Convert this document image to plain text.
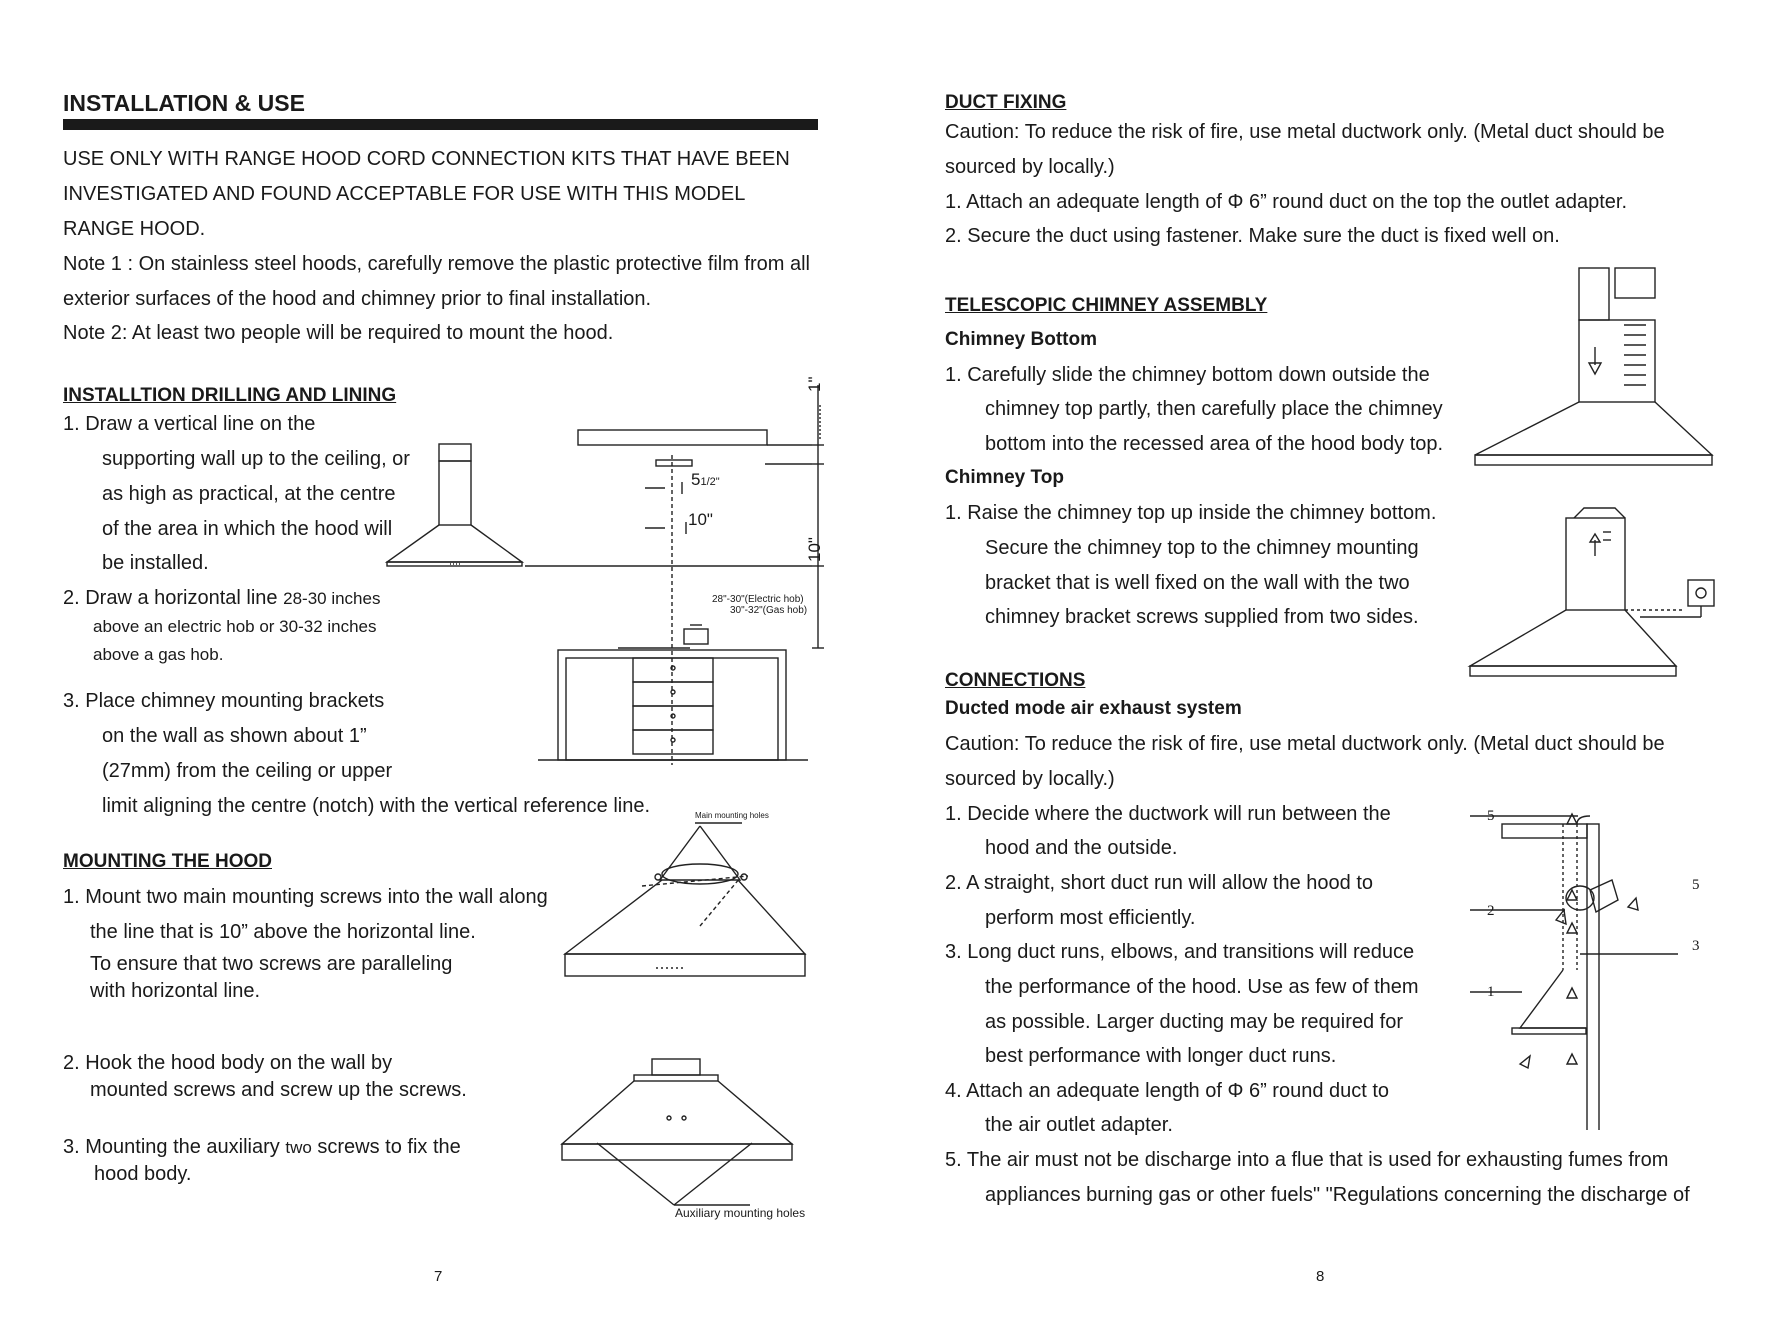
INSTALLATION & USE
USE ONLY WITH RANGE HOOD CORD CONNECTION KITS THAT HAVE BEEN
INVESTIGATED AND FOUND ACCEPTABLE FOR USE WITH THIS MODEL
RANGE HOOD.
Note 1 : On stainless steel hoods, carefully remove the plastic protective film from all
exterior surfaces of the hood and chimney prior to final installation.
Note 2: At least two people will be required to mount the hood.
INSTALLTION DRILLING AND LINING
1. Draw a vertical line on the
supporting wall up to the ceiling, or
as high as practical, at the centre
of the area in which the hood will
be installed.
2. Draw a horizontal line 28-30 inches
above an electric hob or 30-32 inches
above a gas hob.
3. Place chimney mounting brackets
on the wall as shown about 1”
(27mm) from the ceiling or upper
limit aligning the centre (notch) with the vertical reference line.
MOUNTING THE HOOD
1. Mount two main mounting screws into the wall along
the line that is 10” above the horizontal line.
To ensure that two screws are paralleling
with horizontal line.
2. Hook the hood body on the wall by
mounted screws and screw up the screws.
3. Mounting the auxiliary two screws to fix the
hood body.
7
1"
51/2"
10"
10"
28"-30"(Electric hob)
30"-32"(Gas hob)
Main mounting holes
Auxiliary mounting holes
DUCT FIXING
Caution: To reduce the risk of fire, use metal ductwork only. (Metal duct should be
sourced by locally.)
1. Attach an adequate length of Φ 6” round duct on the top the outlet adapter.
2. Secure the duct using fastener. Make sure the duct is fixed well on.
TELESCOPIC CHIMNEY ASSEMBLY
Chimney Bottom
1. Carefully slide the chimney bottom down outside the
chimney top partly, then carefully place the chimney
bottom into the recessed area of the hood body top.
Chimney Top
1. Raise the chimney top up inside the chimney bottom.
Secure the chimney top to the chimney mounting
bracket that is well fixed on the wall with the two
chimney bracket screws supplied from two sides.
CONNECTIONS
Ducted mode air exhaust system
Caution: To reduce the risk of fire, use metal ductwork only. (Metal duct should be
sourced by locally.)
1. Decide where the ductwork will run between the
hood and the outside.
2. A straight, short duct run will allow the hood to
perform most efficiently.
3. Long duct runs, elbows, and transitions will reduce
the performance of the hood. Use as few of them
as possible. Larger ducting may be required for
best performance with longer duct runs.
4. Attach an adequate length of Φ 6” round duct to
the air outlet adapter.
5. The air must not be discharge into a flue that is used for exhausting fumes from
appliances burning gas or other fuels" "Regulations concerning the discharge of
8
5
2
1
5
3
